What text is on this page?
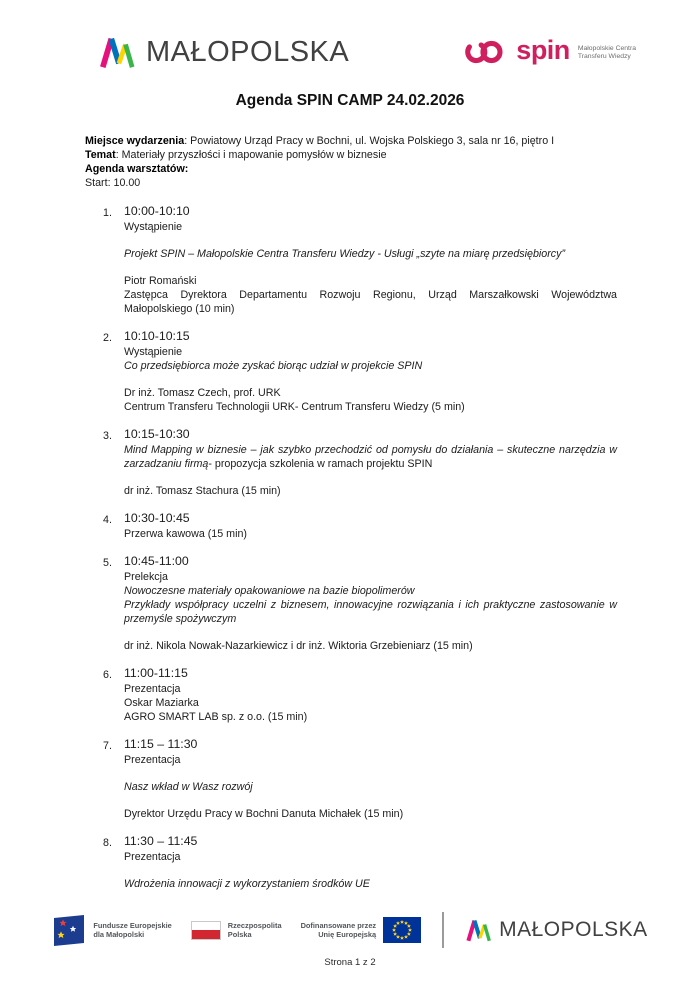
MAŁOPOLSKA	spin Małopolskie Centra
Transferu Wiedzy
Agenda SPIN CAMP 24.02.2026

Miejsce wydarzenia: Powiatowy Urząd Pracy w Bochni, ul. Wojska Polskiego 3, sala nr 16, piętro I

Temat: Materiały przyszłości i mapowanie pomysłów w biznesie

Agenda warsztatów:

Start: 10.00

1. 10:00-10:10

Wystąpienie

Projekt SPIN – Małopolskie Centra Transferu Wiedzy - Usługi „szyte na miarę przedsiębiorcy”

Piotr Romański

Zastępca Dyrektora Departamentu Rozwoju Regionu, Urząd Marszałkowski Województwa Małopolskiego (10 min)

2. 10:10-10:15

Wystąpienie

Co przedsiębiorca może zyskać biorąc udział w projekcie SPIN

Dr inż. Tomasz Czech, prof. URK

Centrum Transferu Technologii URK- Centrum Transferu Wiedzy (5 min)

3. 10:15-10:30

Mind Mapping w biznesie – jak szybko przechodzić od pomysłu do działania – skuteczne narzędzia w zarzadzaniu firmą- propozycja szkolenia w ramach projektu SPIN

dr inż. Tomasz Stachura (15 min)

4. 10:30-10:45

Przerwa kawowa (15 min)

5. 10:45-11:00

Prelekcja

Nowoczesne materiały opakowaniowe na bazie biopolimerów

Przykłady współpracy uczelni z biznesem, innowacyjne rozwiązania i ich praktyczne zastosowanie w przemyśle spożywczym

dr inż. Nikola Nowak-Nazarkiewicz i dr inż. Wiktoria Grzebieniarz (15 min)

6. 11:00-11:15

Prezentacja

Oskar Maziarka

AGRO SMART LAB sp. z o.o. (15 min)

7. 11:15 – 11:30

Prezentacja

Nasz wkład w Wasz rozwój

Dyrektor Urzędu Pracy w Bochni Danuta Michałek (15 min)

8. 11:30 – 11:45

Prezentacja

Wdrożenia innowacji z wykorzystaniem środków UE

Fundusze Europejskie
dla Małopolski
Rzeczpospolita
Polska
Dofinansowane przez
Unię Europejską	MAŁOPOLSKA
Strona 1 z 2
